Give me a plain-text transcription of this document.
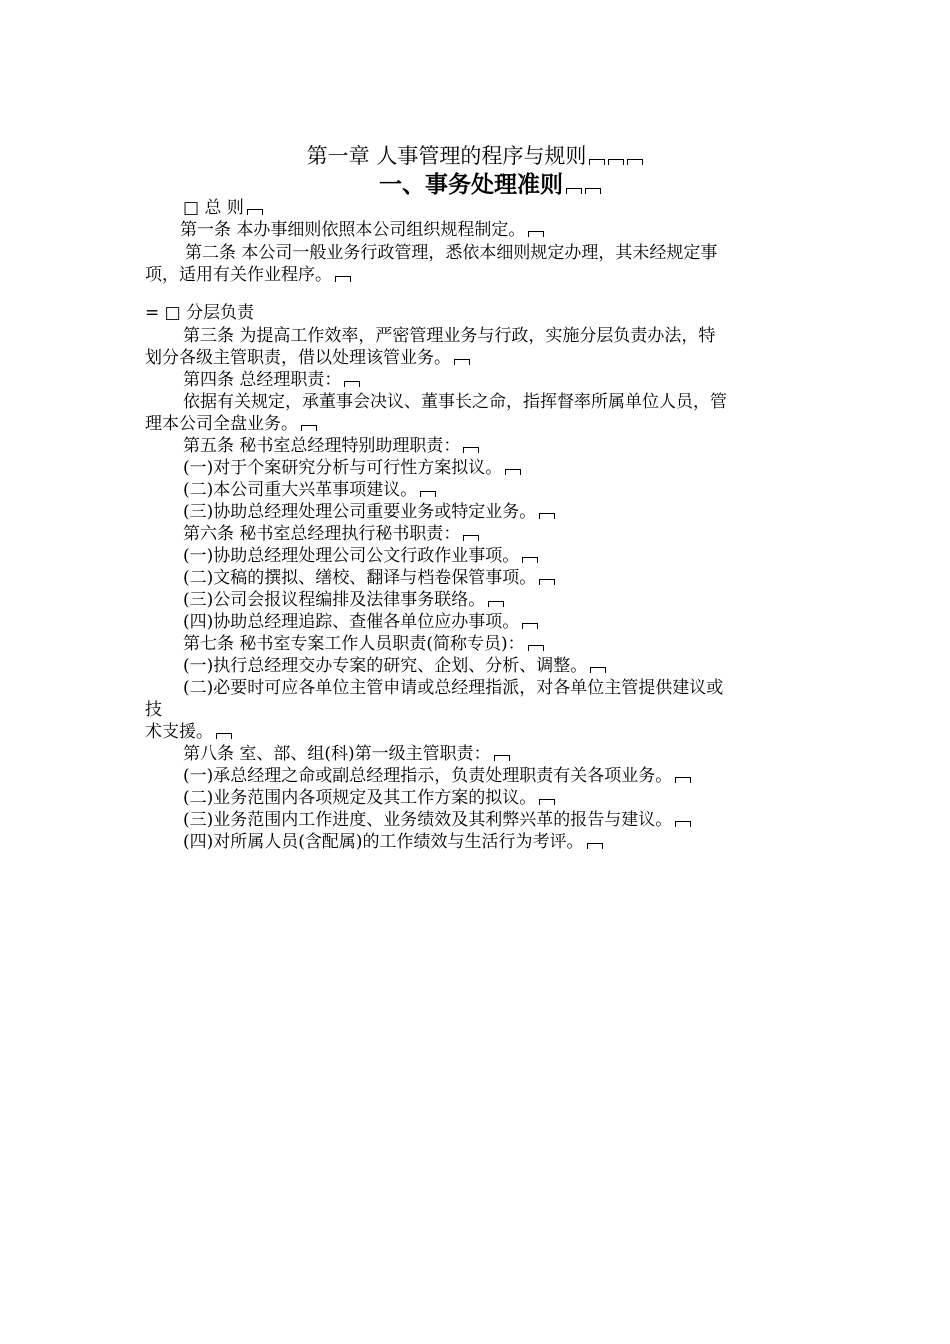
第一章 人事管理的程序与规则
一、事务处理准则
□ 总 则
第一条 本办事细则依照本公司组织规程制定。
第二条 本公司一般业务行政管理，悉依本细则规定办理，其未经规定事
项，适用有关作业程序。
= □ 分层负责
第三条 为提高工作效率，严密管理业务与行政，实施分层负责办法，特
划分各级主管职责，借以处理该管业务。
第四条 总经理职责：
依据有关规定，承董事会决议、董事长之命，指挥督率所属单位人员，管
理本公司全盘业务。
第五条 秘书室总经理特别助理职责：
(一)对于个案研究分析与可行性方案拟议。
(二)本公司重大兴革事项建议。
(三)协助总经理处理公司重要业务或特定业务。
第六条 秘书室总经理执行秘书职责：
(一)协助总经理处理公司公文行政作业事项。
(二)文稿的撰拟、缮校、翻译与档卷保管事项。
(三)公司会报议程编排及法律事务联络。
(四)协助总经理追踪、查催各单位应办事项。
第七条 秘书室专案工作人员职责(简称专员)：
(一)执行总经理交办专案的研究、企划、分析、调整。
(二)必要时可应各单位主管申请或总经理指派，对各单位主管提供建议或
技
术支援。
第八条 室、部、组(科)第一级主管职责：
(一)承总经理之命或副总经理指示，负责处理职责有关各项业务。
(二)业务范围内各项规定及其工作方案的拟议。
(三)业务范围内工作进度、业务绩效及其利弊兴革的报告与建议。
(四)对所属人员(含配属)的工作绩效与生活行为考评。
